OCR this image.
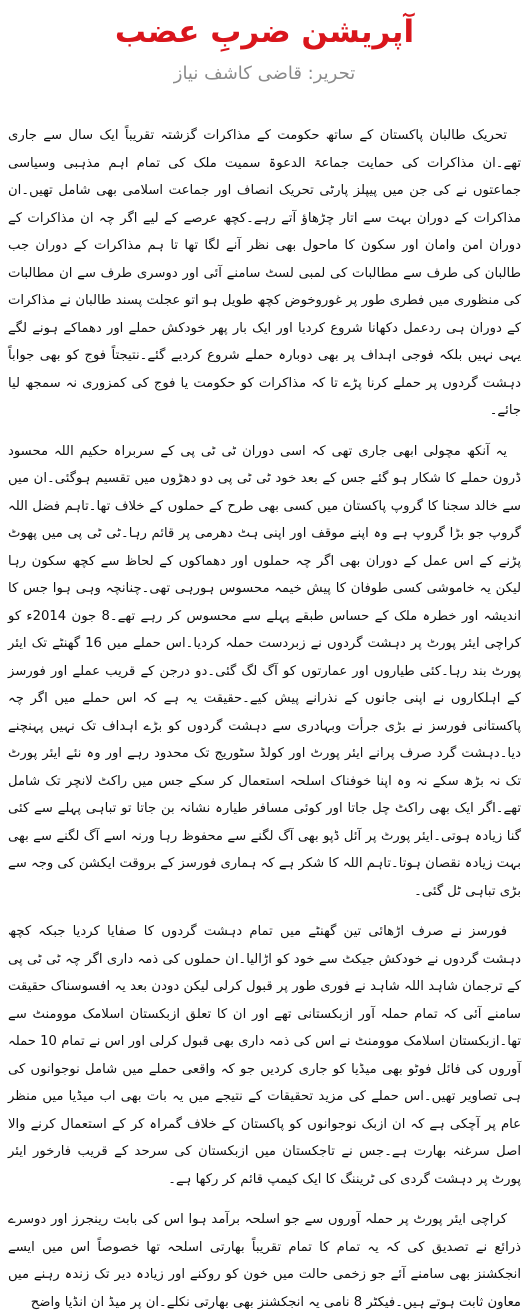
آپریشن ضربِ عضب
تحریر: قاضی کاشف نیاز

تحریک طالبان پاکستان کے ساتھ حکومت کے مذاکرات گزشتہ تقریباً ایک سال سے جاری تھے۔ان مذاکرات کی حمایت جماعۃ الدعوۃ سمیت ملک کی تمام اہم مذہبی وسیاسی جماعتوں نے کی جن میں پیپلز پارٹی تحریک انصاف اور جماعت اسلامی بھی شامل تھیں۔ان مذاکرات کے دوران بہت سے اتار چڑھاؤ آتے رہے۔کچھ عرصے کے لیے اگر چہ ان مذاکرات کے دوران امن وامان اور سکون کا ماحول بھی نظر آنے لگا تھا تا ہم مذاکرات کے دوران جب طالبان کی طرف سے مطالبات کی لمبی لسٹ سامنے آئی اور دوسری طرف سے ان مطالبات کی منظوری میں فطری طور پر غوروخوض کچھ طویل ہو اتو عجلت پسند طالبان نے مذاکرات کے دوران ہی ردعمل دکھانا شروع کردیا اور ایک بار پھر خودکش حملے اور دھماکے ہونے لگے یہی نہیں بلکہ فوجی اہداف پر بھی دوبارہ حملے شروع کردیے گئے۔نتیجتاً فوج کو بھی جواباً دہشت گردوں پر حملے کرنا پڑے تا کہ مذاکرات کو حکومت یا فوج کی کمزوری نہ سمجھ لیا جائے۔

یہ آنکھ مچولی ابھی جاری تھی کہ اسی دوران ٹی ٹی پی کے سربراہ حکیم اللہ محسود ڈرون حملے کا شکار ہو گئے جس کے بعد خود ٹی ٹی پی دو دھڑوں میں تقسیم ہوگئی۔ان میں سے خالد سجنا کا گروپ پاکستان میں کسی بھی طرح کے حملوں کے خلاف تھا۔تاہم فضل اللہ گروپ جو بڑا گروپ ہے وہ اپنے موقف اور اپنی ہٹ دھرمی پر قائم رہا۔ٹی ٹی پی میں پھوٹ پڑنے کے اس عمل کے دوران بھی اگر چہ حملوں اور دھماکوں کے لحاظ سے کچھ سکون رہا لیکن یہ خاموشی کسی طوفان کا پیش خیمہ محسوس ہورہی تھی۔چنانچہ وہی ہوا جس کا اندیشہ اور خطرہ ملک کے حساس طبقے پہلے سے محسوس کر رہے تھے۔8 جون 2014ء کو کراچی ایئر پورٹ پر دہشت گردوں نے زبردست حملہ کردیا۔اس حملے میں 16 گھنٹے تک ایئر پورٹ بند رہا۔کئی طیاروں اور عمارتوں کو آگ لگ گئی۔دو درجن کے قریب عملے اور فورسز کے اہلکاروں نے اپنی جانوں کے نذرانے پیش کیے۔حقیقت یہ ہے کہ اس حملے میں اگر چہ پاکستانی فورسز نے بڑی جرأت وبہادری سے دہشت گردوں کو بڑے اہداف تک نہیں پہنچنے دیا۔دہشت گرد صرف پرانے ایئر پورٹ اور کولڈ سٹوریج تک محدود رہے اور وہ نئے ایئر پورٹ تک نہ بڑھ سکے نہ وہ اپنا خوفناک اسلحہ استعمال کر سکے جس میں راکٹ لانچر تک شامل تھے۔اگر ایک بھی راکٹ چل جاتا اور کوئی مسافر طیارہ نشانہ بن جاتا تو تباہی پہلے سے کئی گنا زیادہ ہوتی۔ایئر پورٹ پر آئل ڈپو بھی آگ لگنے سے محفوظ رہا ورنہ اسے آگ لگنے سے بھی بہت زیادہ نقصان ہوتا۔تاہم اللہ کا شکر ہے کہ ہماری فورسز کے بروقت ایکشن کی وجہ سے بڑی تباہی ٹل گئی۔

فورسز نے صرف اڑھائی تین گھنٹے میں تمام دہشت گردوں کا صفایا کردیا جبکہ کچھ دہشت گردوں نے خودکش جیکٹ سے خود کو اڑالیا۔ان حملوں کی ذمہ داری اگر چہ ٹی ٹی پی کے ترجمان شاہد اللہ شاہد نے فوری طور پر قبول کرلی لیکن دودن بعد یہ افسوسناک حقیقت سامنے آئی کہ تمام حملہ آور ازبکستانی تھے اور ان کا تعلق ازبکستان اسلامک موومنٹ سے تھا۔ازبکستان اسلامک موومنٹ نے اس کی ذمہ داری بھی قبول کرلی اور اس نے تمام 10 حملہ آوروں کی فائل فوٹو بھی میڈیا کو جاری کردیں جو کہ واقعی حملے میں شامل نوجوانوں کی ہی تصاویر تھیں۔اس حملے کی مزید تحقیقات کے نتیجے میں یہ بات بھی اب میڈیا میں منظر عام پر آچکی ہے کہ ان ازبک نوجوانوں کو پاکستان کے خلاف گمراہ کر کے استعمال کرنے والا اصل سرغنہ بھارت ہے۔جس نے تاجکستان میں ازبکستان کی سرحد کے قریب فارخور ایئر پورٹ پر دہشت گردی کی ٹریننگ کا ایک کیمپ قائم کر رکھا ہے۔

کراچی ایئر پورٹ پر حملہ آوروں سے جو اسلحہ برآمد ہوا اس کی بابت رینجرز اور دوسرے ذرائع نے تصدیق کی کہ یہ تمام کا تمام تقریباً بھارتی اسلحہ تھا خصوصاً اس میں ایسے انجکشنز بھی سامنے آئے جو زخمی حالت میں خون کو روکنے اور زیادہ دیر تک زندہ رہنے میں معاون ثابت ہوتے ہیں۔فیکٹر 8 نامی یہ انجکشنز بھی بھارتی نکلے۔ان پر میڈ ان انڈیا واضح
